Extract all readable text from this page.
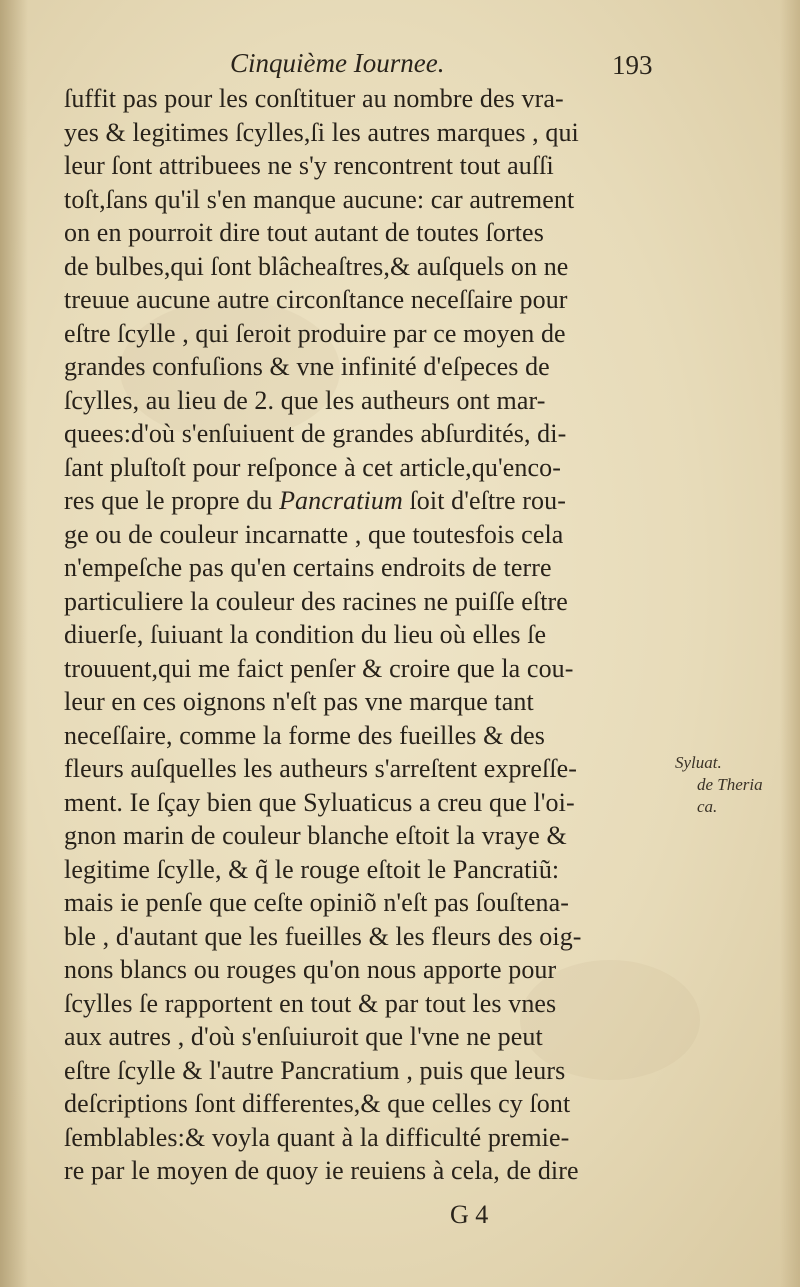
Cinquième Iournee.	193
ſuffit pas pour les conſtituer au nombre des vra-
yes & legitimes ſcylles,ſi les autres marques , qui
leur ſont attribuees ne s'y rencontrent tout auſſi
toſt,ſans qu'il s'en manque aucune: car autrement
on en pourroit dire tout autant de toutes ſortes
de bulbes,qui ſont blâcheaſtres,& auſquels on ne
treuue aucune autre circonſtance neceſſaire pour
eſtre ſcylle , qui ſeroit produire par ce moyen de
grandes confuſions & vne infinité d'eſpeces de
ſcylles, au lieu de 2. que les autheurs ont mar-
quees:d'où s'enſuiuent de grandes abſurdités, di-
ſant pluſtoſt pour reſponce à cet article,qu'enco-
res que le propre du Pancratium ſoit d'eſtre rou-
ge ou de couleur incarnatte , que toutesfois cela
n'empeſche pas qu'en certains endroits de terre
particuliere la couleur des racines ne puiſſe eſtre
diuerſe, ſuiuant la condition du lieu où elles ſe
trouuent,qui me faict penſer & croire que la cou-
leur en ces oignons n'eſt pas vne marque tant
neceſſaire, comme la forme des fueilles & des
fleurs auſquelles les autheurs s'arreſtent expreſſe-
ment. Ie ſçay bien que Syluaticus a creu que l'oi-
gnon marin de couleur blanche eſtoit la vraye &
legitime ſcylle, & q̃ le rouge eſtoit le Pancratiũ:
mais ie penſe que ceſte opiniõ n'eſt pas ſouſtena-
ble , d'autant que les fueilles & les fleurs des oig-
nons blancs ou rouges qu'on nous apporte pour
ſcylles ſe rapportent en tout & par tout les vnes
aux autres , d'où s'enſuiuroit que l'vne ne peut
eſtre ſcylle & l'autre Pancratium , puis que leurs
deſcriptions ſont differentes,& que celles cy ſont
ſemblables:& voyla quant à la difficulté premie-
re par le moyen de quoy ie reuiens à cela, de dire
Syluat.
de Theria
ca.
G 4
